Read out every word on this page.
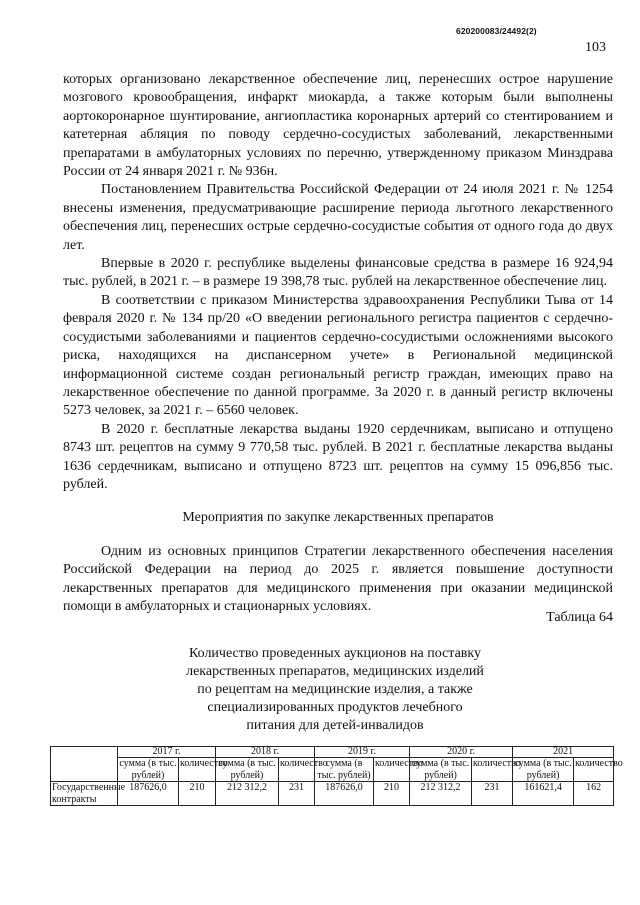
620200083/24492(2)
103

которых организовано лекарственное обеспечение лиц, перенесших острое нарушение мозгового кровообращения, инфаркт миокарда, а также которым были выполнены аортокоронарное шунтирование, ангиопластика коронарных артерий со стентированием и катетерная абляция по поводу сердечно-сосудистых заболеваний, лекарственными препаратами в амбулаторных условиях по перечню, утвержденному приказом Минздрава России от 24 января 2021 г. № 936н.

Постановлением Правительства Российской Федерации от 24 июля 2021 г. № 1254 внесены изменения, предусматривающие расширение периода льготного лекарственного обеспечения лиц, перенесших острые сердечно-сосудистые события от одного года до двух лет.

Впервые в 2020 г. республике выделены финансовые средства в размере 16 924,94 тыс. рублей, в 2021 г. – в размере 19 398,78 тыс. рублей на лекарственное обеспечение лиц.

В соответствии с приказом Министерства здравоохранения Республики Тыва от 14 февраля 2020 г. № 134 пр/20 «О введении регионального регистра пациентов с сердечно-сосудистыми заболеваниями и пациентов сердечно-сосудистыми осложнениями высокого риска, находящихся на диспансерном учете» в Региональной медицинской информационной системе создан региональный регистр граждан, имеющих право на лекарственное обеспечение по данной программе. За 2020 г. в данный регистр включены 5273 человек, за 2021 г. – 6560 человек.

В 2020 г. бесплатные лекарства выданы 1920 сердечникам, выписано и отпущено 8743 шт. рецептов на сумму 9 770,58 тыс. рублей. В 2021 г. бесплатные лекарства выданы 1636 сердечникам, выписано и отпущено 8723 шт. рецептов на сумму 15 096,856 тыс. рублей.

Мероприятия по закупке лекарственных препаратов

Одним из основных принципов Стратегии лекарственного обеспечения населения Российской Федерации на период до 2025 г. является повышение доступности лекарственных препаратов для медицинского применения при оказании медицинской помощи в амбулаторных и стационарных условиях.

Таблица 64
Количество проведенных аукционов на поставку
лекарственных препаратов, медицинских изделий
по рецептам на медицинские изделия, а также
специализированных продуктов лечебного
питания для детей-инвалидов
	2017 г.		2018 г.		2019 г.		2020 г.		2021	
	сумма (в тыс. рублей)	количество	сумма (в тыс. рублей)	количество	сумма (в тыс. рублей)	количество	сумма (в тыс. рублей)	количество	сумма (в тыс. рублей)	количество
Государственные контракты	187626,0	210	212 312,2	231	187626,0	210	212 312,2	231	161621,4	162
